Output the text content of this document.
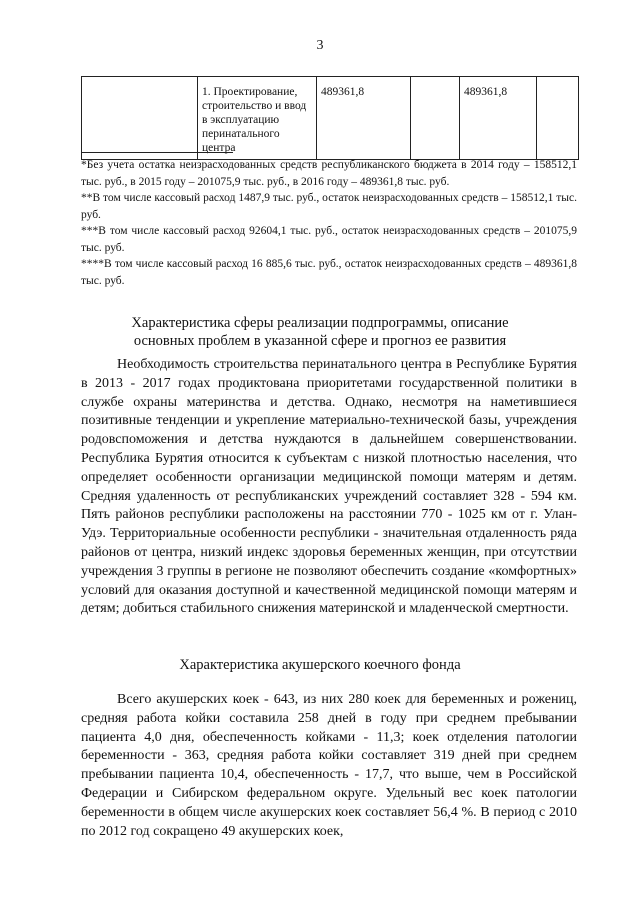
3
	1. Проектирование, строительство и ввод в эксплуатацию перинатального центра	489361,8		489361,8	

*Без учета остатка неизрасходованных средств республиканского бюджета в 2014 году – 158512,1 тыс. руб., в 2015 году – 201075,9 тыс. руб., в 2016 году – 489361,8 тыс. руб.

**В том числе кассовый расход 1487,9 тыс. руб., остаток неизрасходованных средств – 158512,1 тыс. руб.

***В том числе кассовый расход 92604,1 тыс. руб., остаток неизрасходованных средств – 201075,9 тыс. руб.

****В том числе кассовый расход 16 885,6 тыс. руб., остаток неизрасходованных средств – 489361,8 тыс. руб.

Характеристика сферы реализации подпрограммы, описание основных проблем в указанной сфере и прогноз ее развития

Необходимость строительства перинатального центра в Республике Бурятия в 2013 - 2017 годах продиктована приоритетами государственной политики в службе охраны материнства и детства. Однако, несмотря на наметившиеся позитивные тенденции и укрепление материально-технической базы, учреждения родовспоможения и детства нуждаются в дальнейшем совершенствовании. Республика Бурятия относится к субъектам с низкой плотностью населения, что определяет особенности организации медицинской помощи матерям и детям. Средняя удаленность от республиканских учреждений составляет 328 - 594 км. Пять районов республики расположены на расстоянии 770 - 1025 км от г. Улан-Удэ. Территориальные особенности республики - значительная отдаленность ряда районов от центра, низкий индекс здоровья беременных женщин, при отсутствии учреждения 3 группы в регионе не позволяют обеспечить создание «комфортных» условий для оказания доступной и качественной медицинской помощи матерям и детям; добиться стабильного снижения материнской и младенческой смертности.

Характеристика акушерского коечного фонда

Всего акушерских коек - 643, из них 280 коек для беременных и рожениц, средняя работа койки составила 258 дней в году при среднем пребывании пациента 4,0 дня, обеспеченность койками - 11,3; коек отделения патологии беременности - 363, средняя работа койки составляет 319 дней при среднем пребывании пациента 10,4, обеспеченность - 17,7, что выше, чем в Российской Федерации и Сибирском федеральном округе. Удельный вес коек патологии беременности в общем числе акушерских коек составляет 56,4 %. В период с 2010 по 2012 год сокращено 49 акушерских коек,
